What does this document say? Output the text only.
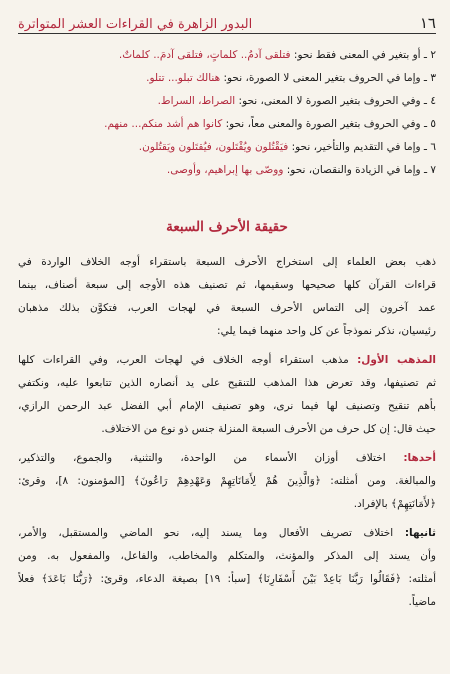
١٦
البدور الزاهرة في القراءات العشر المتواترة
٢ ـ أو بتغير في المعنى فقط نحو: فتلقى آدمُ.. كلماتٍ، فتلقى آدمَ.. كلماتٌ.
٣ ـ وإما في الحروف بتغير المعنى لا الصورة، نحو: هنالك تبلو... تتلو.
٤ ـ وفي الحروف بتغير الصورة لا المعنى، نحو: الصراط، السراط.
٥ ـ وفي الحروف بتغير الصورة والمعنى معاً، نحو: كانوا هم أشد منكم... منهم.
٦ ـ وإما في التقديم والتأخير، نحو: فيَقْتُلون ويُقْتَلون، فيُقتَلون ويَقتُلون.
٧ ـ وإما في الزيادة والنقصان، نحو: ووصّى بها إبراهيم، وأوصى.
حقيقة الأحرف السبعة
ذهب بعض العلماء إلى استخراج الأحرف السبعة باستقراء أوجه الخلاف الواردة في
قراءات القرآن كلها صحيحها وسقيمها، ثم تصنيف هذه الأوجه إلى سبعة أصناف، بينما
عمد آخرون إلى التماس الأحرف السبعة في لهجات العرب، فتكوَّن بذلك مذهبان
رئيسيان، نذكر نموذجاً عن كل واحد منهما فيما يلي:
المذهب الأول: مذهب استقراء أوجه الخلاف في لهجات العرب، وفي القراءات كلها
ثم تصنيفها، وقد تعرض هذا المذهب للتنقيح على يد أنصاره الذين تتابعوا عليه، ونكتفي
بأهم تنقيح وتصنيف لها فيما نرى، وهو تصنيف الإمام أبي الفضل عبد الرحمن الرازي،
حيث قال: إن كل حرف من الأحرف السبعة المنزلة جنس ذو نوع من الاختلاف.
أحدها: اختلاف أوزان الأسماء من الواحدة، والتثنية، والجموع، والتذكير،
والمبالغة. ومن أمثلته: ﴿وَالَّذِينَ هُمْ لِأَمَانَاتِهِمْ وَعَهْدِهِمْ رَاعُونَ﴾ [المؤمنون: ٨]، وقرئ:
﴿لأَمَانَتِهِمْ﴾ بالإفراد.
ثانيها: اختلاف تصريف الأفعال وما يسند إليه، نحو الماضي والمستقبل، والأمر،
وأن يسند إلى المذكر والمؤنث، والمتكلم والمخاطب، والفاعل، والمفعول به. ومن
أمثلته: ﴿فَقَالُوا رَبَّنَا بَاعِدْ بَيْنَ أَسْفَارِنَا﴾ [سبأ: ١٩] بصيغة الدعاء، وقرئ: ﴿رَبُّنَا بَاعَدَ﴾ فعلاً
ماضياً.
